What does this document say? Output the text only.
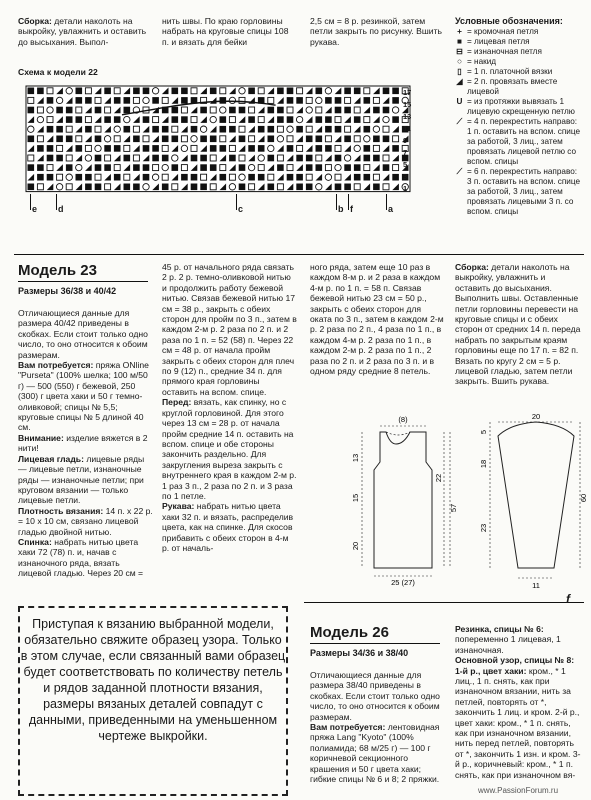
Сборка: детали наколоть на выкройку, увлажнить и оставить до высыхания. Выпол-
нить швы. По краю горловины набрать на круговые спицы 108 п. и вязать для бейки
2,5 см = 8 р. резинкой, затем петли закрыть по рисунку. Вшить рукава.
Условные обозначения:
+ = кромочная петля
■ = лицевая петля
⊟ = изнаночная петля
○ = накид
▯ = 1 п. платочной вязки
◢ = 2 п. провязать вместе лицевой
U = из протяжки вывязать 1 лицевую скрещенную петлю
⟋ = 4 п. перекрестить направо: 1 п. оставить на вспом. спице за работой, 3 лиц., затем провязать лицевой петлю со вспом. спицы
⟋ = 6 п. перекрестить направо: 3 п. оставить на вспом. спице за работой, 3 лиц., затем провязать лицевыми 3 п. со вспом. спицы
Схема к модели 22
17
15
13
11
9
7
5
3
1
e d	c	b f	a
Модель 23
Размеры 36/38 и 40/42

Отличающиеся данные для размера 40/42 приведены в скобках. Если стоит только одно число, то оно относится к обоим размерам.

Вам потребуется: пряжа ONline "Purseta" (100% шелка; 100 м/50 г) — 500 (550) г бежевой, 250 (300) г цвета хаки и 50 г темно-оливковой; спицы № 5,5; круговые спицы № 5 длиной 40 см.

Внимание: изделие вяжется в 2 нити!

Лицевая гладь: лицевые ряды — лицевые петли, изнаночные ряды — изнаночные петли; при круговом вязании — только лицевые петли.

Плотность вязания: 14 п. х 22 р. = 10 х 10 см, связано лицевой гладью двойной нитью.

Спинка: набрать нитью цвета хаки 72 (78) п. и, начав с изнаночного ряда, вязать лицевой гладью. Через 20 см =

45 р. от начального ряда связать 2 р. 2 р. темно-оливковой нитью и продолжить работу бежевой нитью. Связав бежевой нитью 17 см = 38 р., закрыть с обеих сторон для пройм по 3 п., затем в каждом 2-м р. 2 раза по 2 п. и 2 раза по 1 п. = 52 (58) п. Через 22 см = 48 р. от начала пройм закрыть с обеих сторон для плеч по 9 (12) п., средние 34 п. для прямого края горловины оставить на вспом. спице.

Перед: вязать, как спинку, но с круглой горловиной. Для этого через 13 см = 28 р. от начала пройм средние 14 п. оставить на вспом. спице и обе стороны закончить раздельно. Для закругления выреза закрыть с внутреннего края в каждом 2-м р. 1 раз 3 п., 2 раза по 2 п. и 3 раза по 1 петле.

Рукава: набрать нитью цвета хаки 32 п. и вязать, распределив цвета, как на спинке. Для скосов прибавить с обеих сторон в 4-м р. от началь-

ного ряда, затем еще 10 раз в каждом 8-м р. и 2 раза в каждом 4-м р. по 1 п. = 58 п. Связав бежевой нитью 23 см = 50 р., закрыть с обеих сторон для оката по 3 п., затем в каждом 2-м р. 2 раза по 2 п., 4 раза по 1 п., в каждом 4-м р. 2 раза по 1 п., в каждом 2-м р. 2 раза по 1 п., 2 раза по 2 п. и 2 раза по 3 п. и в одном ряду средние 8 петель.
Сборка: детали наколоть на выкройку, увлажнить и оставить до высыхания. Выполнить швы. Оставленные петли горловины перевести на круговые спицы и с обеих сторон от средних 14 п. переда набрать по закрытым краям горловины еще по 17 п. = 82 п. Вязать по кругу 2 см = 5 р. лицевой гладью, затем петли закрыть. Вшить рукава.
(8)
25 (27)
13
15
20
22
57
20
11
5
18
23
60
Приступая к вязанию выбранной модели, обязательно свяжите образец узора. Только в этом случае, если связанный вами образец будет соответствовать по количеству петель и рядов заданной плотности вязания, размеры вязаных деталей совпадут с данными, приведенными на уменьшенном чертеже выкройки.
Модель 26
Размеры 34/36 и 38/40

Отличающиеся данные для размера 38/40 приведены в скобках. Если стоит только одно число, то оно относится к обоим размерам.

Вам потребуется: лентовидная пряжа Lang "Kyoto" (100% полиамида; 68 м/25 г) — 100 г коричневой секционного крашения и 50 г цвета хаки; гибкие спицы № 6 и 8; 2 пряжки.

Резинка, спицы № 6: попеременно 1 лицевая, 1 изнаночная.

Основной узор, спицы № 8: 1-й р., цвет хаки: кром., * 1 лиц., 1 п. снять, как при изнаночном вязании, нить за петлей, повторять от *, закончить 1 лиц. и кром. 2-й р., цвет хаки: кром., * 1 п. снять, как при изнаночном вязании, нить перед петлей, повторять от *, закончить 1 изн. и кром. 3-й р., коричневый: кром., * 1 п. снять, как при изнаночном вя-

f
www.PassionForum.ru
